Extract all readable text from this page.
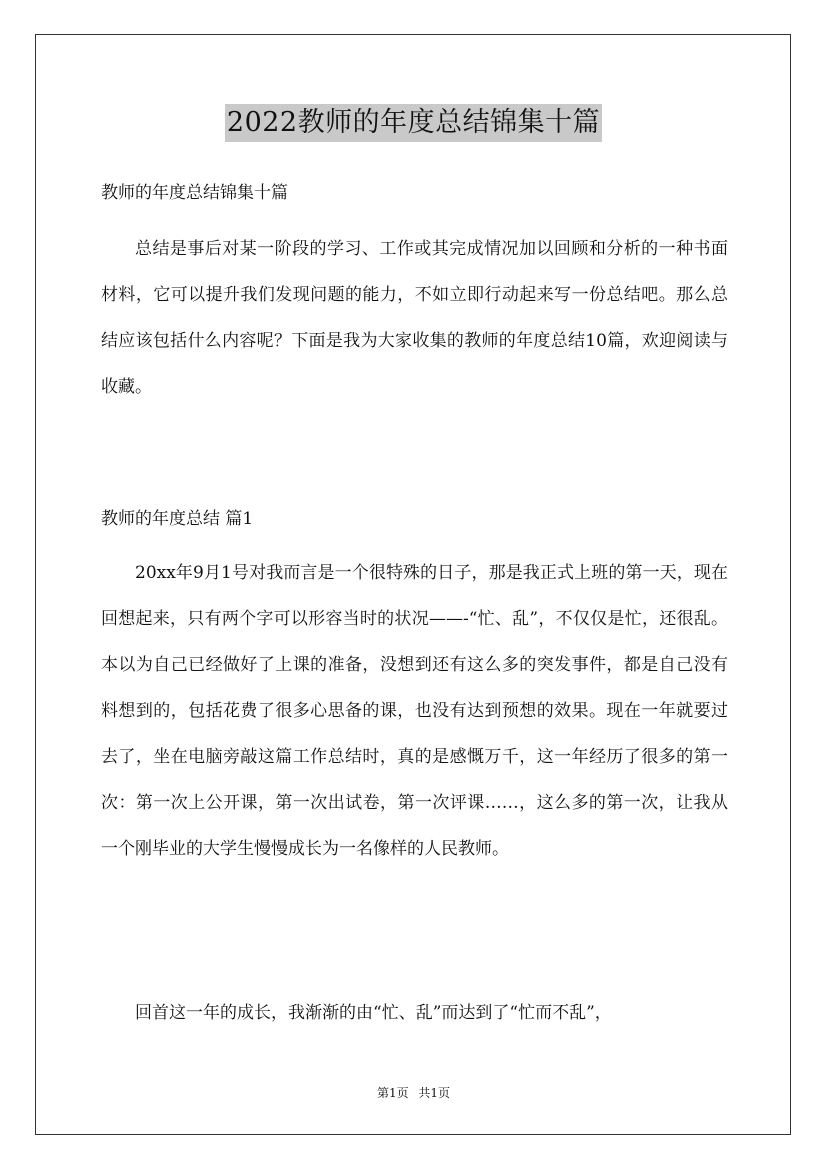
2022教师的年度总结锦集十篇
教师的年度总结锦集十篇

总结是事后对某一阶段的学习、工作或其完成情况加以回顾和分析的一种书面材料，它可以提升我们发现问题的能力，不如立即行动起来写一份总结吧。那么总结应该包括什么内容呢？下面是我为大家收集的教师的年度总结10篇，欢迎阅读与收藏。

教师的年度总结 篇1

20xx年9月1号对我而言是一个很特殊的日子，那是我正式上班的第一天，现在回想起来，只有两个字可以形容当时的状况——-“忙、乱”，不仅仅是忙，还很乱。本以为自己已经做好了上课的准备，没想到还有这么多的突发事件，都是自己没有料想到的，包括花费了很多心思备的课，也没有达到预想的效果。现在一年就要过去了，坐在电脑旁敲这篇工作总结时，真的是感慨万千，这一年经历了很多的第一次：第一次上公开课，第一次出试卷，第一次评课……，这么多的第一次，让我从一个刚毕业的大学生慢慢成长为一名像样的人民教师。

回首这一年的成长，我渐渐的由“忙、乱”而达到了“忙而不乱”，

第1页 共1页
